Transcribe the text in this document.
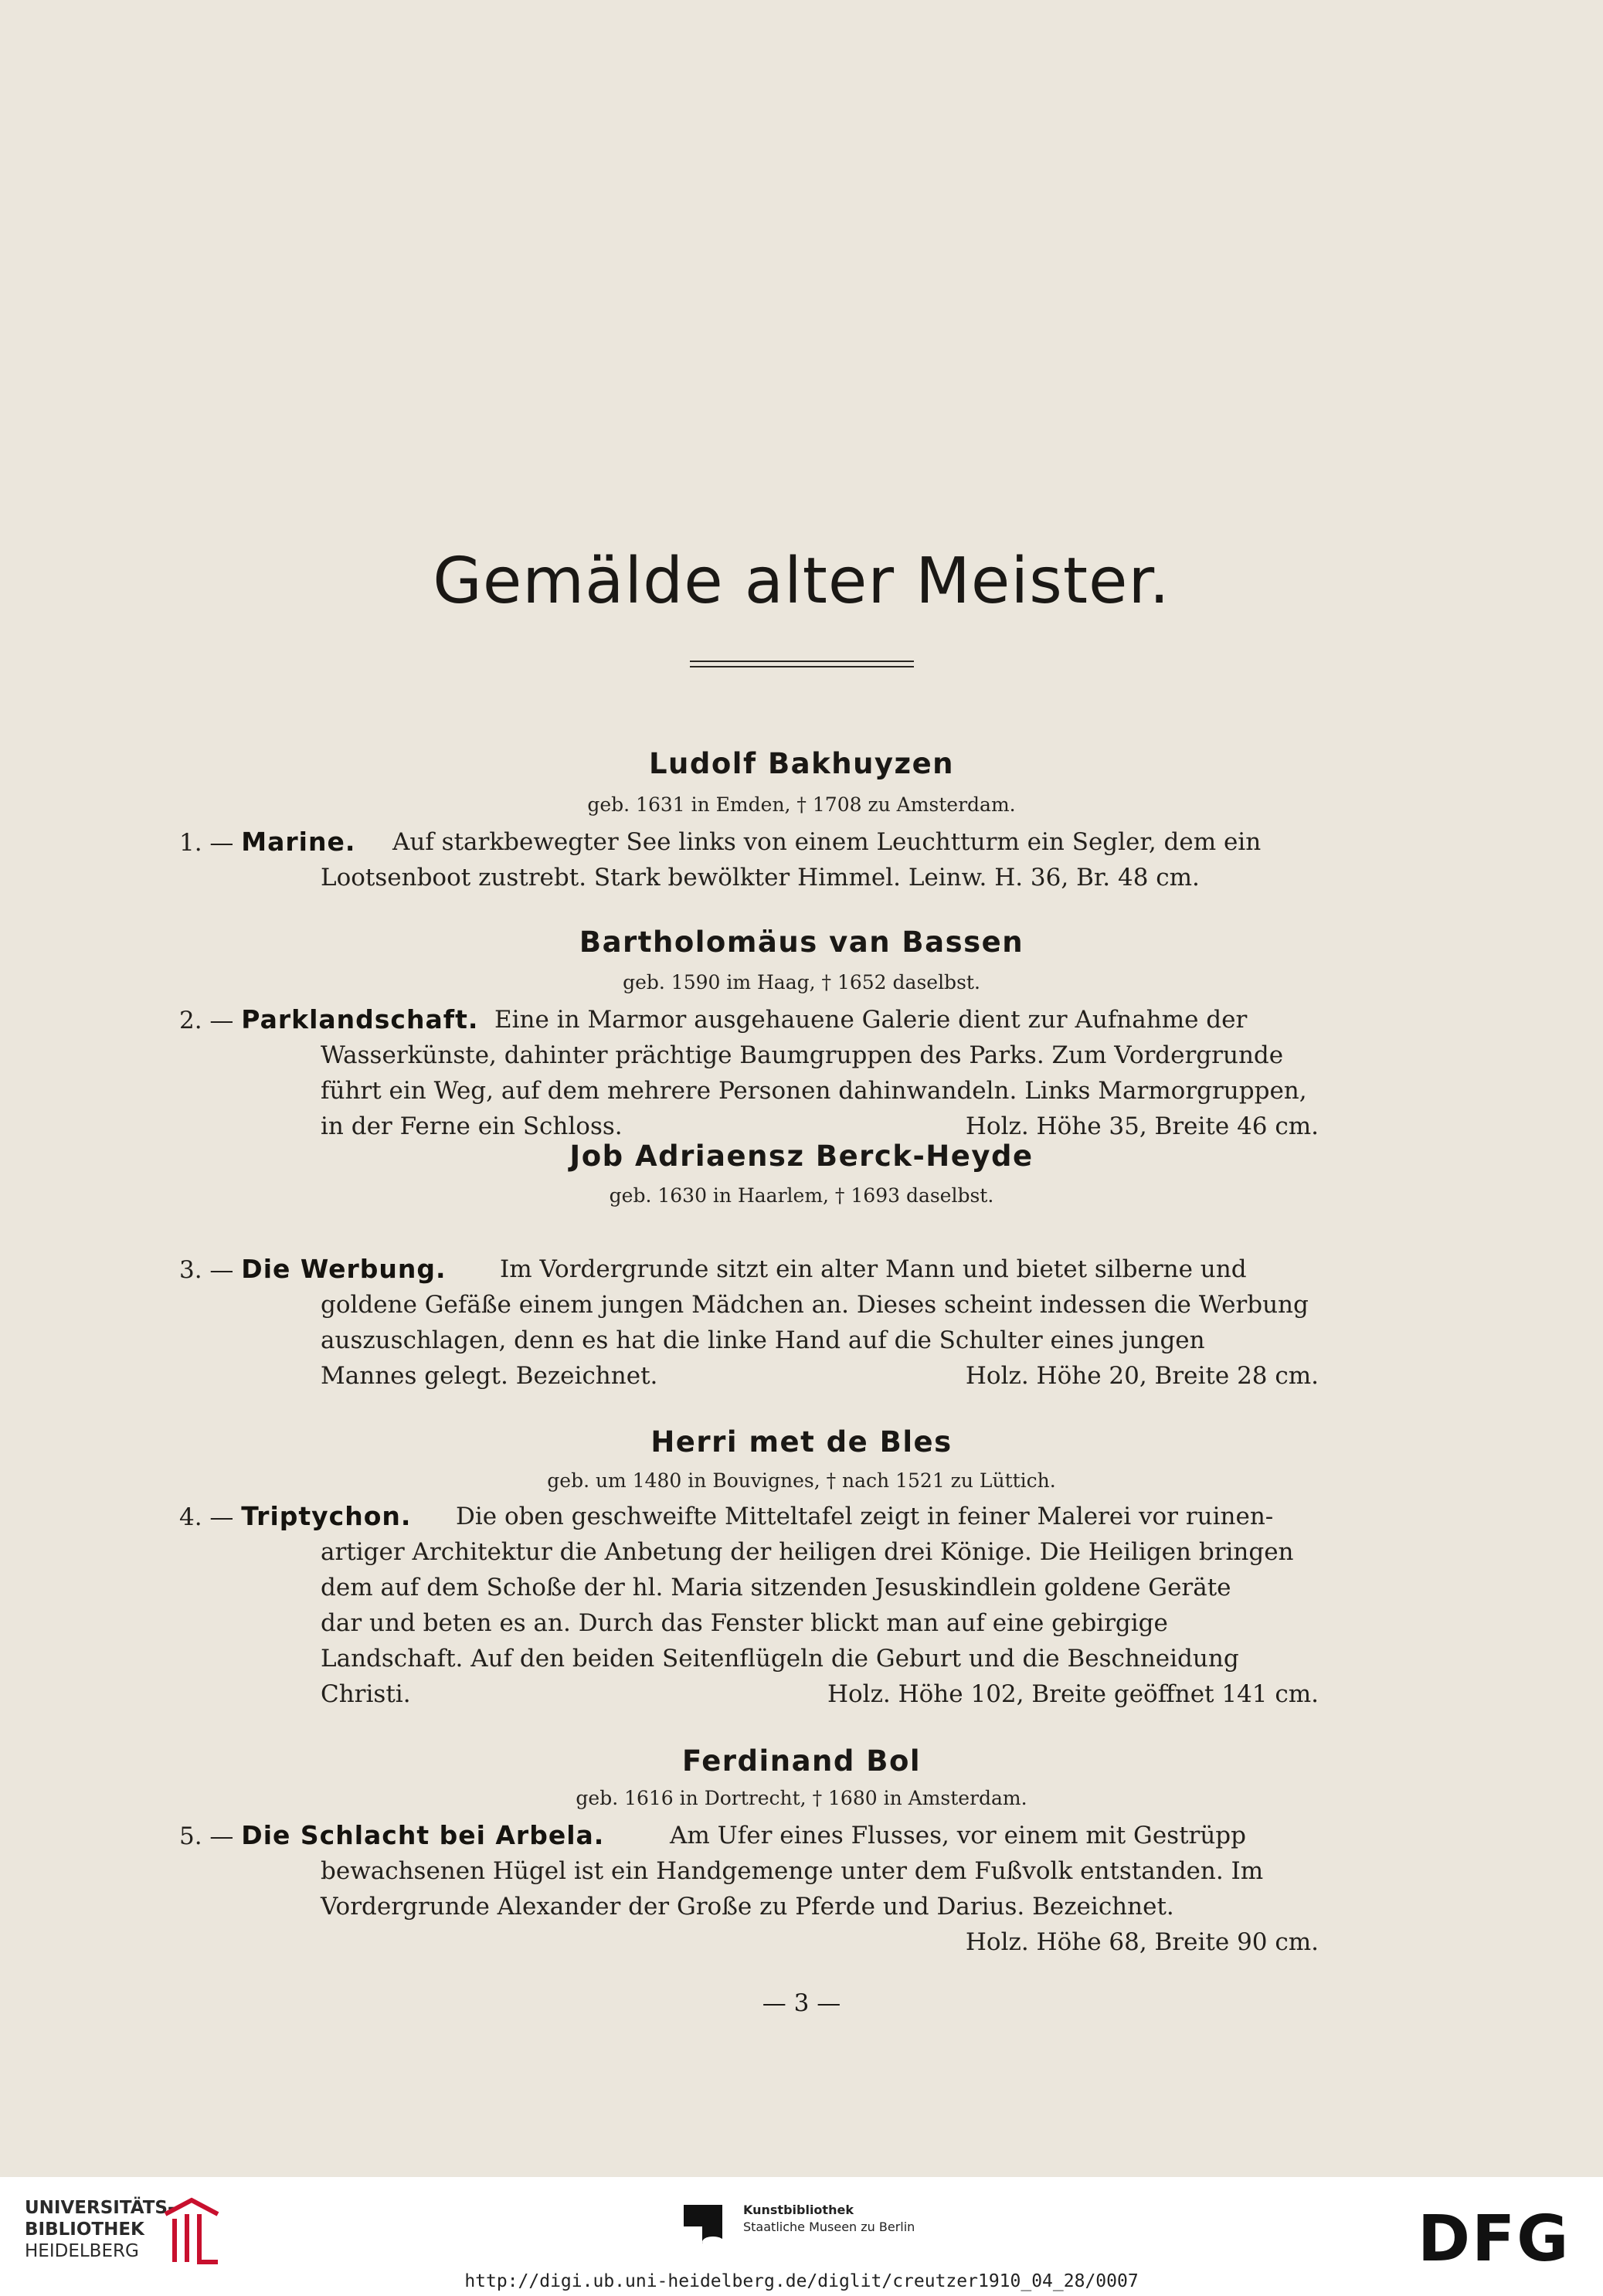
Gemälde alter Meister.
Ludolf Bakhuyzen
geb. 1631 in Emden, † 1708 zu Amsterdam.
1. — Marine.	Auf starkbewegter See links von einem Leuchtturm ein Segler, dem ein
Lootsenboot zustrebt. Stark bewölkter Himmel. Leinw. H. 36, Br. 48 cm.
Bartholomäus van Bassen
geb. 1590 im Haag, † 1652 daselbst.
2. — Parklandschaft. Eine in Marmor ausgehauene Galerie dient zur Aufnahme der
Wasserkünste, dahinter prächtige Baumgruppen des Parks. Zum Vordergrunde
führt ein Weg, auf dem mehrere Personen dahinwandeln. Links Marmorgruppen,
in der Ferne ein Schloss.	Holz. Höhe 35, Breite 46 cm.
Job Adriaensz Berck-Heyde
geb. 1630 in Haarlem, † 1693 daselbst.
3. — Die Werbung.	Im Vordergrunde sitzt ein alter Mann und bietet silberne und
goldene Gefäße einem jungen Mädchen an. Dieses scheint indessen die Werbung
auszuschlagen, denn es hat die linke Hand auf die Schulter eines jungen
Mannes gelegt. Bezeichnet.	Holz. Höhe 20, Breite 28 cm.
Herri met de Bles
geb. um 1480 in Bouvignes, † nach 1521 zu Lüttich.
4. — Triptychon.	Die oben geschweifte Mitteltafel zeigt in feiner Malerei vor ruinen-
artiger Architektur die Anbetung der heiligen drei Könige. Die Heiligen bringen
dem auf dem Schoße der hl. Maria sitzenden Jesuskindlein goldene Geräte
dar und beten es an. Durch das Fenster blickt man auf eine gebirgige
Landschaft. Auf den beiden Seitenflügeln die Geburt und die Beschneidung
Christi.	Holz. Höhe 102, Breite geöffnet 141 cm.
Ferdinand Bol
geb. 1616 in Dortrecht, † 1680 in Amsterdam.
5. — Die Schlacht bei Arbela.	Am Ufer eines Flusses, vor einem mit Gestrüpp
bewachsenen Hügel ist ein Handgemenge unter dem Fußvolk entstanden. Im
Vordergrunde Alexander der Große zu Pferde und Darius. Bezeichnet.
Holz. Höhe 68, Breite 90 cm.
— 3 —
UNIVERSITÄTS-
BIBLIOTHEK
HEIDELBERG
Kunstbibliothek
Staatliche Museen zu Berlin	DFG
http://digi.ub.uni-heidelberg.de/diglit/creutzer1910_04_28/0007
